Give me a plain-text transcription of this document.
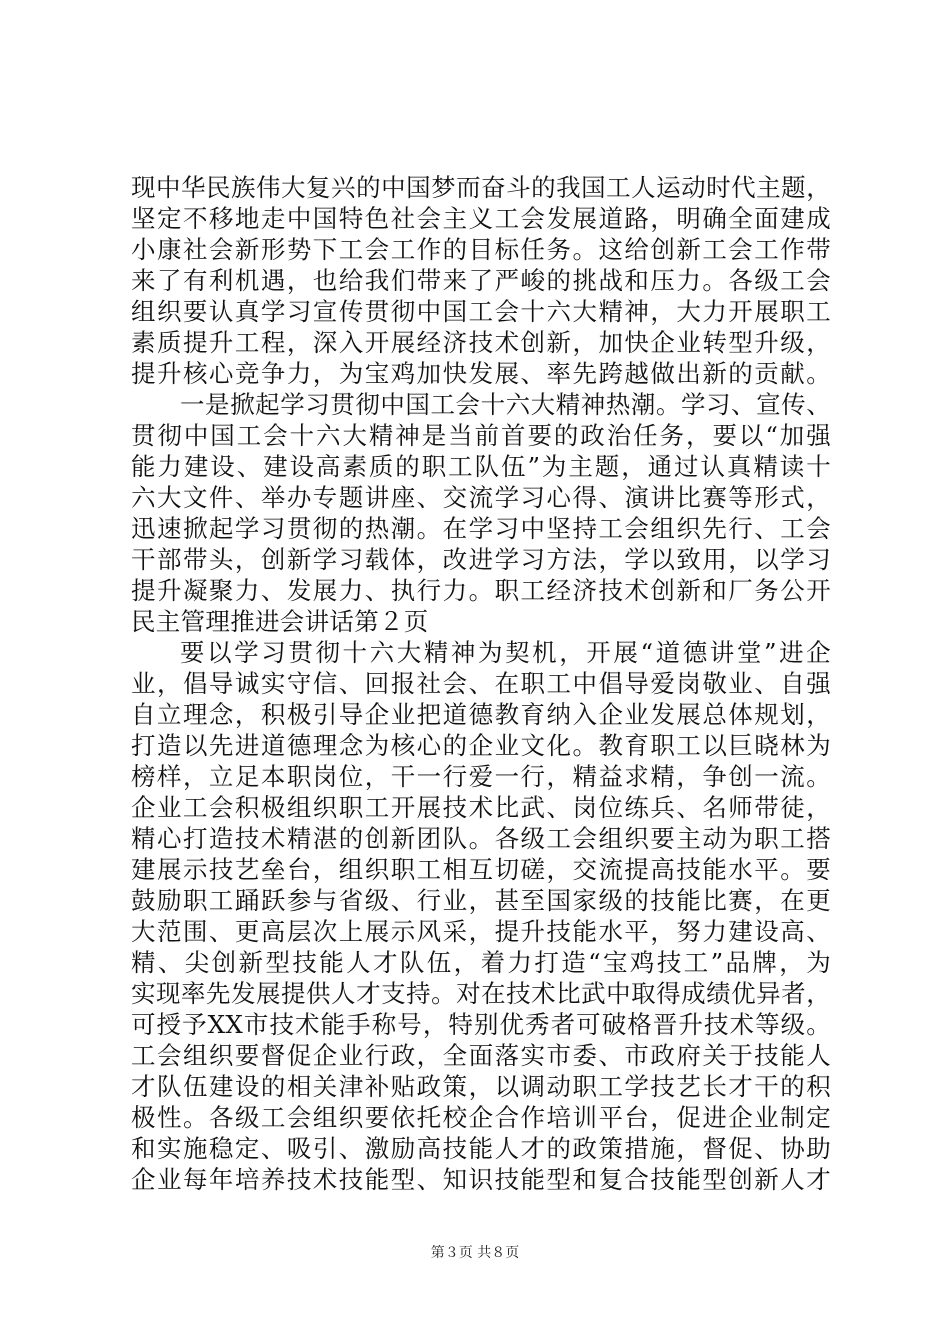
现中华民族伟大复兴的中国梦而奋斗的我国工人运动时代主题，
坚定不移地走中国特色社会主义工会发展道路，明确全面建成
小康社会新形势下工会工作的目标任务。这给创新工会工作带
来了有利机遇，也给我们带来了严峻的挑战和压力。各级工会
组织要认真学习宣传贯彻中国工会十六大精神，大力开展职工
素质提升工程，深入开展经济技术创新，加快企业转型升级，
提升核心竞争力，为宝鸡加快发展、率先跨越做出新的贡献。
一是掀起学习贯彻中国工会十六大精神热潮。学习、宣传、
贯彻中国工会十六大精神是当前首要的政治任务，要以“加强
能力建设、建设高素质的职工队伍”为主题，通过认真精读十
六大文件、举办专题讲座、交流学习心得、演讲比赛等形式，
迅速掀起学习贯彻的热潮。在学习中坚持工会组织先行、工会
干部带头，创新学习载体，改进学习方法，学以致用，以学习
提升凝聚力、发展力、执行力。职工经济技术创新和厂务公开
民主管理推进会讲话第２页
要以学习贯彻十六大精神为契机，开展“道德讲堂”进企
业，倡导诚实守信、回报社会、在职工中倡导爱岗敬业、自强
自立理念，积极引导企业把道德教育纳入企业发展总体规划，
打造以先进道德理念为核心的企业文化。教育职工以巨晓林为
榜样，立足本职岗位，干一行爱一行，精益求精，争创一流。
企业工会积极组织职工开展技术比武、岗位练兵、名师带徒，
精心打造技术精湛的创新团队。各级工会组织要主动为职工搭
建展示技艺垒台，组织职工相互切磋，交流提高技能水平。要
鼓励职工踊跃参与省级、行业，甚至国家级的技能比赛，在更
大范围、更高层次上展示风采，提升技能水平，努力建设高、
精、尖创新型技能人才队伍，着力打造“宝鸡技工”品牌，为
实现率先发展提供人才支持。对在技术比武中取得成绩优异者，
可授予XX市技术能手称号，特别优秀者可破格晋升技术等级。
工会组织要督促企业行政，全面落实市委、市政府关于技能人
才队伍建设的相关津补贴政策，以调动职工学技艺长才干的积
极性。各级工会组织要依托校企合作培训平台，促进企业制定
和实施稳定、吸引、激励高技能人才的政策措施，督促、协助
企业每年培养技术技能型、知识技能型和复合技能型创新人才
第３页 共８页
